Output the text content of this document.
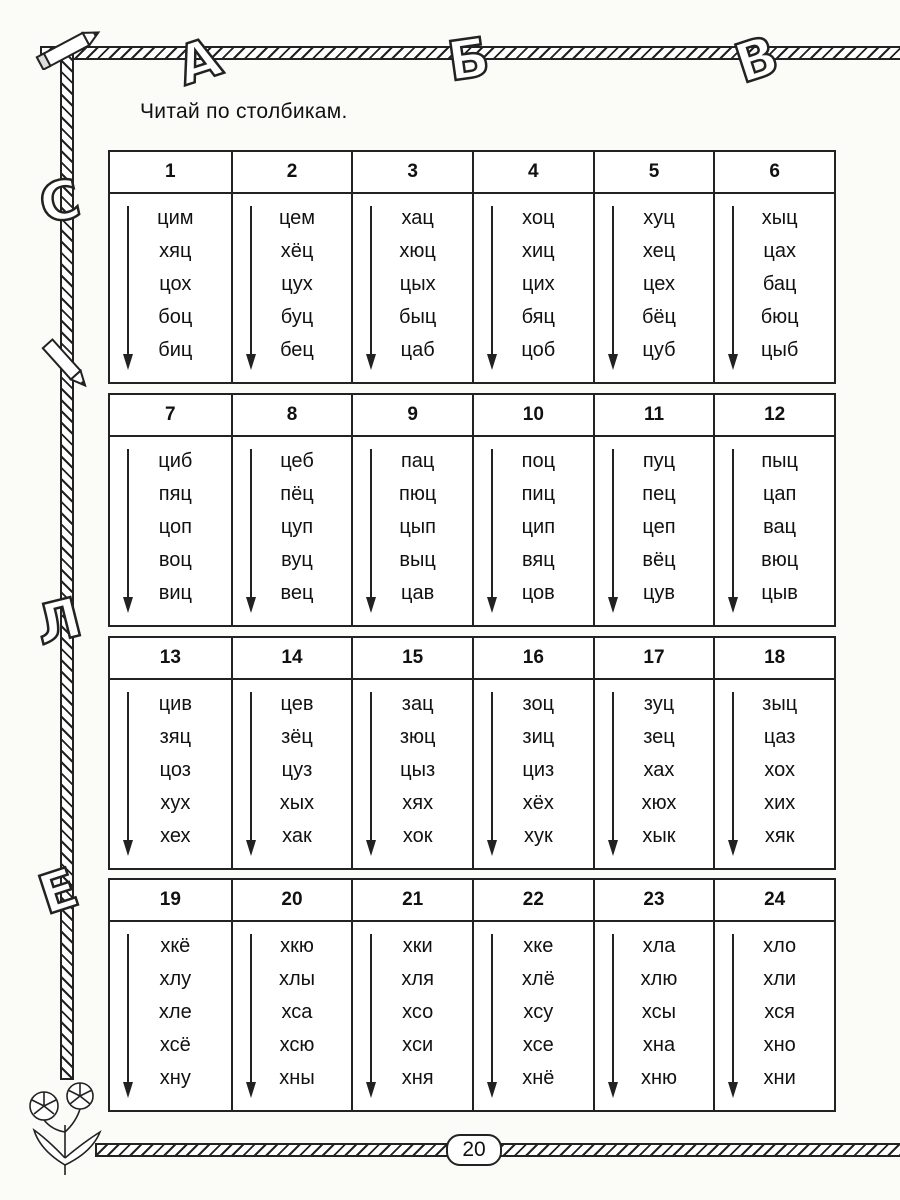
А	Б	В
С
Л
Е
Читай по столбикам.
1
цим
хяц
цох
боц
биц
2
цем
хёц
цух
буц
бец
3
хац
хюц
цых
быц
цаб
4
хоц
хиц
цих
бяц
цоб
5
хуц
хец
цех
бёц
цуб
6
хыц
цах
бац
бюц
цыб
7
циб
пяц
цоп
воц
виц
8
цеб
пёц
цуп
вуц
вец
9
пац
пюц
цып
выц
цав
10
поц
пиц
цип
вяц
цов
11
пуц
пец
цеп
вёц
цув
12
пыц
цап
вац
вюц
цыв
13
цив
зяц
цоз
хух
хех
14
цев
зёц
цуз
хых
хак
15
зац
зюц
цыз
хях
хок
16
зоц
зиц
циз
хёх
хук
17
зуц
зец
хах
хюх
хык
18
зыц
цаз
хох
хих
хяк
19
хкё
хлу
хле
хсё
хну
20
хкю
хлы
хса
хсю
хны
21
хки
хля
хсо
хси
хня
22
хке
хлё
хсу
хсе
хнё
23
хла
хлю
хсы
хна
хню
24
хло
хли
хся
хно
хни
20
